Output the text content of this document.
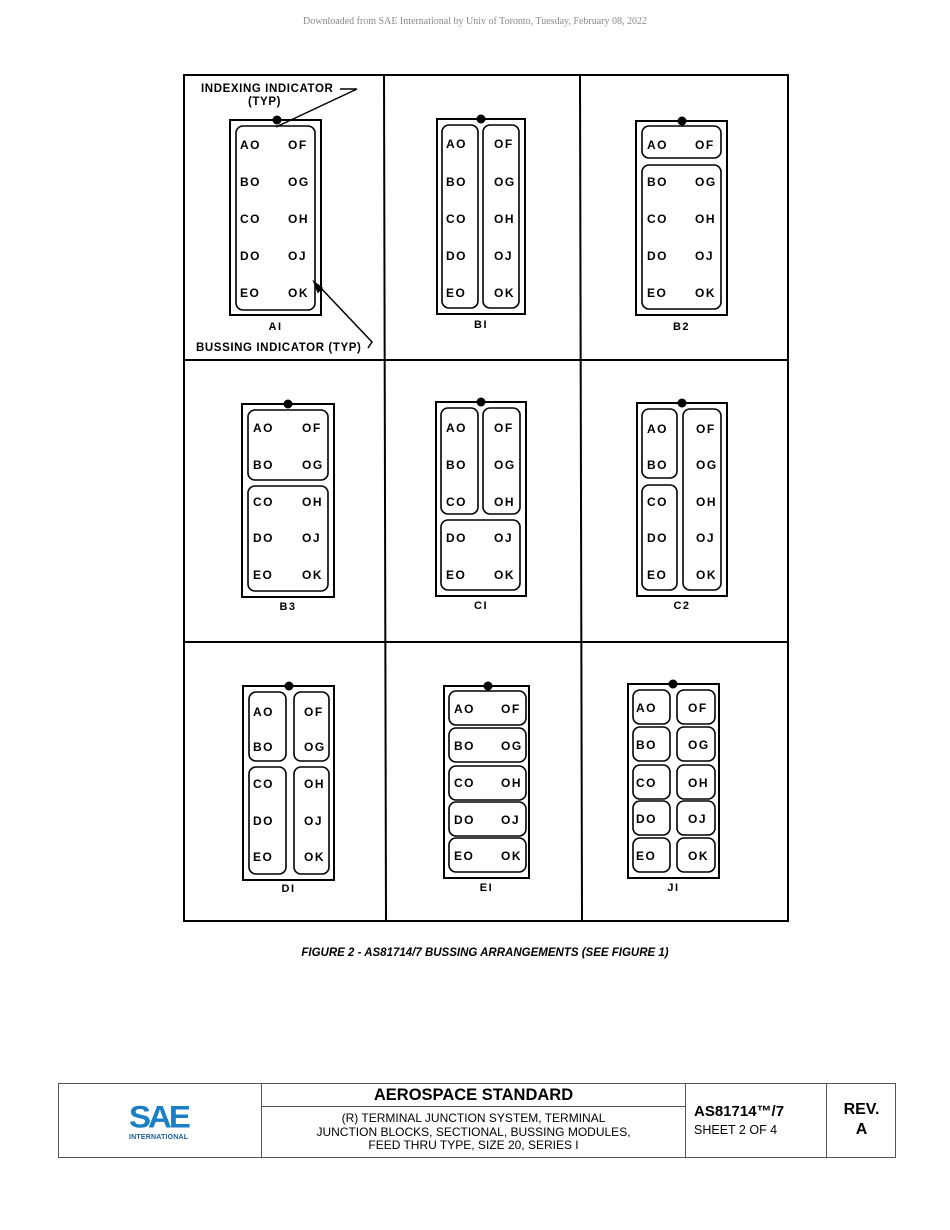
Downloaded from SAE International by Univ of Toronto, Tuesday, February 08, 2022
INDEXING INDICATOR
(TYP)
BUSSING INDICATOR (TYP)
AO OF
BO OG
CO OH
DO OJ
EO OK
AI
AO OF
BO OG
CO OH
DO OJ
EO OK
BI
AO OF
BO OG
CO OH
DO OJ
EO OK
B2
AO OF
BO OG
CO OH
DO OJ
EO OK
B3
AO OF
BO OG
CO OH
DO OJ
EO OK
CI
AO OF
BO OG
CO OH
DO OJ
EO OK
C2
AO	OF
BO	OG
CO	OH
DO	OJ
EO	OK
DI
AO OF
BO OG
CO OH
DO OJ
EO OK
EI
AO	OF
BO	OG
CO	OH
DO	OJ
EO	OK
JI
FIGURE 2 - AS81714/7 BUSSING ARRANGEMENTS (SEE FIGURE 1)
SAE
INTERNATIONAL
AEROSPACE STANDARD
(R) TERMINAL JUNCTION SYSTEM, TERMINAL
JUNCTION BLOCKS, SECTIONAL, BUSSING MODULES,
FEED THRU TYPE, SIZE 20, SERIES I
AS81714™/7
SHEET 2 OF 4
REV.
A
